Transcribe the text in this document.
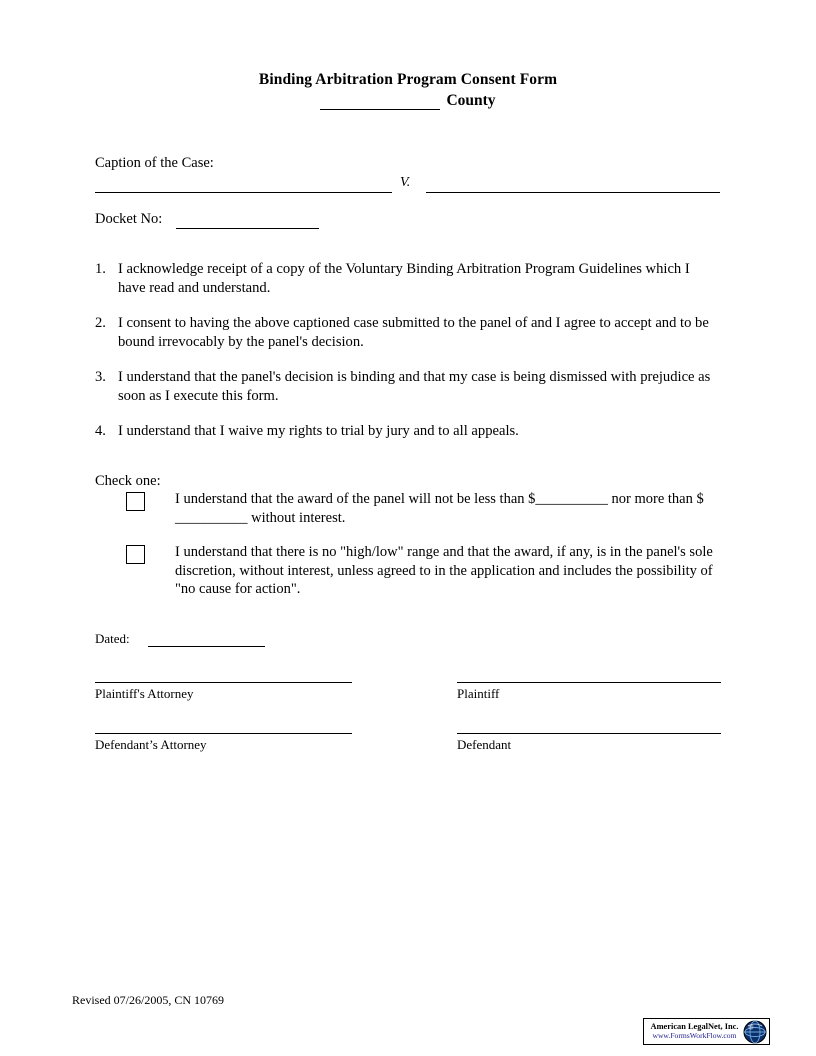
Binding Arbitration Program Consent Form
County
Caption of the Case:
V.
Docket No:
1. I acknowledge receipt of a copy of the Voluntary Binding Arbitration Program Guidelines which I have read and understand.
2. I consent to having the above captioned case submitted to the panel of and I agree to accept and to be bound irrevocably by the panel's decision.
3. I understand that the panel's decision is binding and that my case is being dismissed with prejudice as soon as I execute this form.
4. I understand that I waive my rights to trial by jury and to all appeals.
Check one:
I understand that the award of the panel will not be less than $__________ nor more than $__________ without interest.
I understand that there is no "high/low" range and that the award, if any, is in the panel's sole discretion, without interest, unless agreed to in the application and includes the possibility of "no cause for action".
Dated:
Plaintiff's Attorney	Plaintiff
Defendant’s Attorney	Defendant
Revised 07/26/2005, CN 10769
American LegalNet, Inc.
www.FormsWorkFlow.com
